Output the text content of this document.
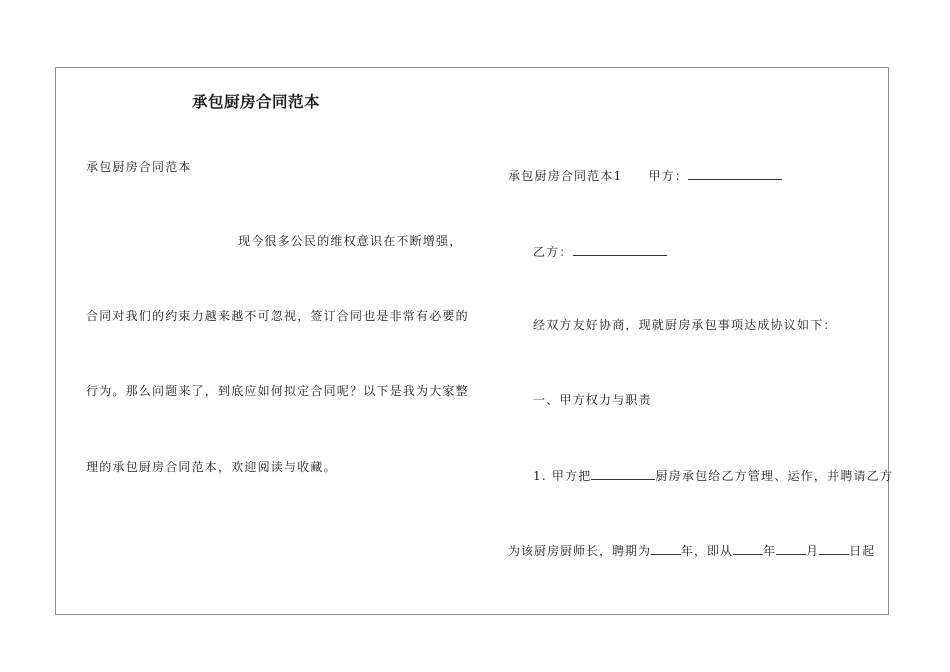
承包厨房合同范本
承包厨房合同范本
现今很多公民的维权意识在不断增强，
合同对我们的约束力越来越不可忽视，签订合同也是非常有必要的
行为。那么问题来了，到底应如何拟定合同呢？以下是我为大家整
理的承包厨房合同范本，欢迎阅读与收藏。
承包厨房合同范本1 甲方：
乙方：
经双方友好协商，现就厨房承包事项达成协议如下：
一、甲方权力与职责
1. 甲方把	厨房承包给乙方管理、运作，并聘请乙方
为该厨房厨师长，聘期为	年，即从	年	月	日起
